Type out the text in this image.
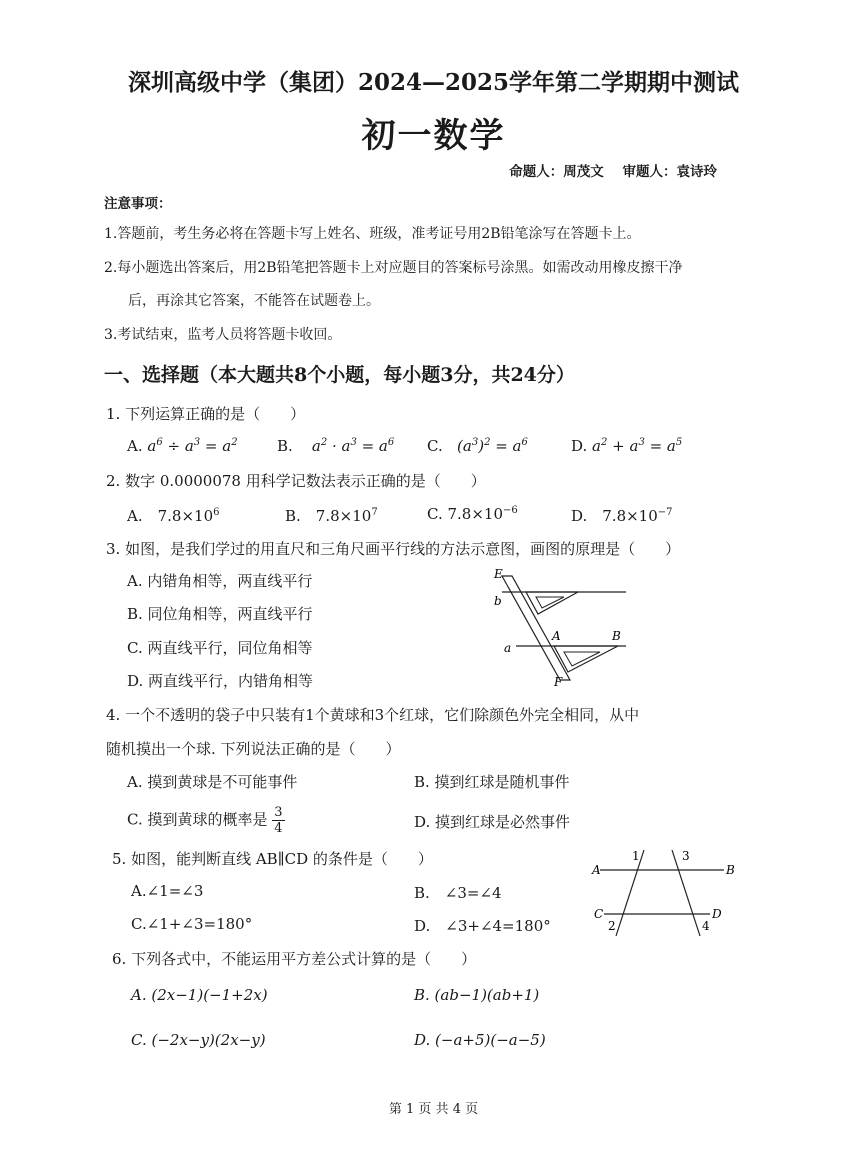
深圳高级中学（集团）2024—2025学年第二学期期中测试
初一数学
命题人：周茂文 审题人：袁诗玲
注意事项：
1.答题前，考生务必将在答题卡写上姓名、班级，准考证号用2B铅笔涂写在答题卡上。
2.每小题选出答案后，用2B铅笔把答题卡上对应题目的答案标号涂黑。如需改动用橡皮擦干净
后，再涂其它答案，不能答在试题卷上。
3.考试结束，监考人员将答题卡收回。
一、选择题（本大题共8个小题，每小题3分，共24分）
1. 下列运算正确的是（　　）
A. $a^6 \div a^3 = a^2$	B.    $a^2 \cdot a^3 = a^6$ C.   $(a^3)^2 = a^6$	D. $a^2 + a^3 = a^5$
2. 数字 0.0000078 用科学记数法表示正确的是（　　）
A.　$7.8\times 10^6$	B.　$7.8\times 10^7$	C. $7.8\times 10^{-6}$	D.　$7.8\times 10^{-7}$
3. 如图，是我们学过的用直尺和三角尺画平行线的方法示意图，画图的原理是（　　）
A. 内错角相等，两直线平行
B. 同位角相等，两直线平行
C. 两直线平行，同位角相等
D. 两直线平行，内错角相等
E
b
A	B
a
F
4. 一个不透明的袋子中只装有1个黄球和3个红球，它们除颜色外完全相同，从中
随机摸出一个球. 下列说法正确的是（　　）
A. 摸到黄球是不可能事件	B. 摸到红球是随机事件
C. 摸到黄球的概率是 $\frac{3}{4}$	D. 摸到红球是必然事件
5. 如图，能判断直线 AB∥CD 的条件是（　　）
A.∠1=∠3	B.　∠3=∠4
C.∠1+∠3=180°	D.　∠3+∠4=180°
A	B
C	D
1	3
2	4
6. 下列各式中，不能运用平方差公式计算的是（　　）
A. (2x−1)(−1+2x)	B. (ab−1)(ab+1)
C. (−2x−y)(2x−y)	D. (−a+5)(−a−5)
第 1 页 共 4 页
